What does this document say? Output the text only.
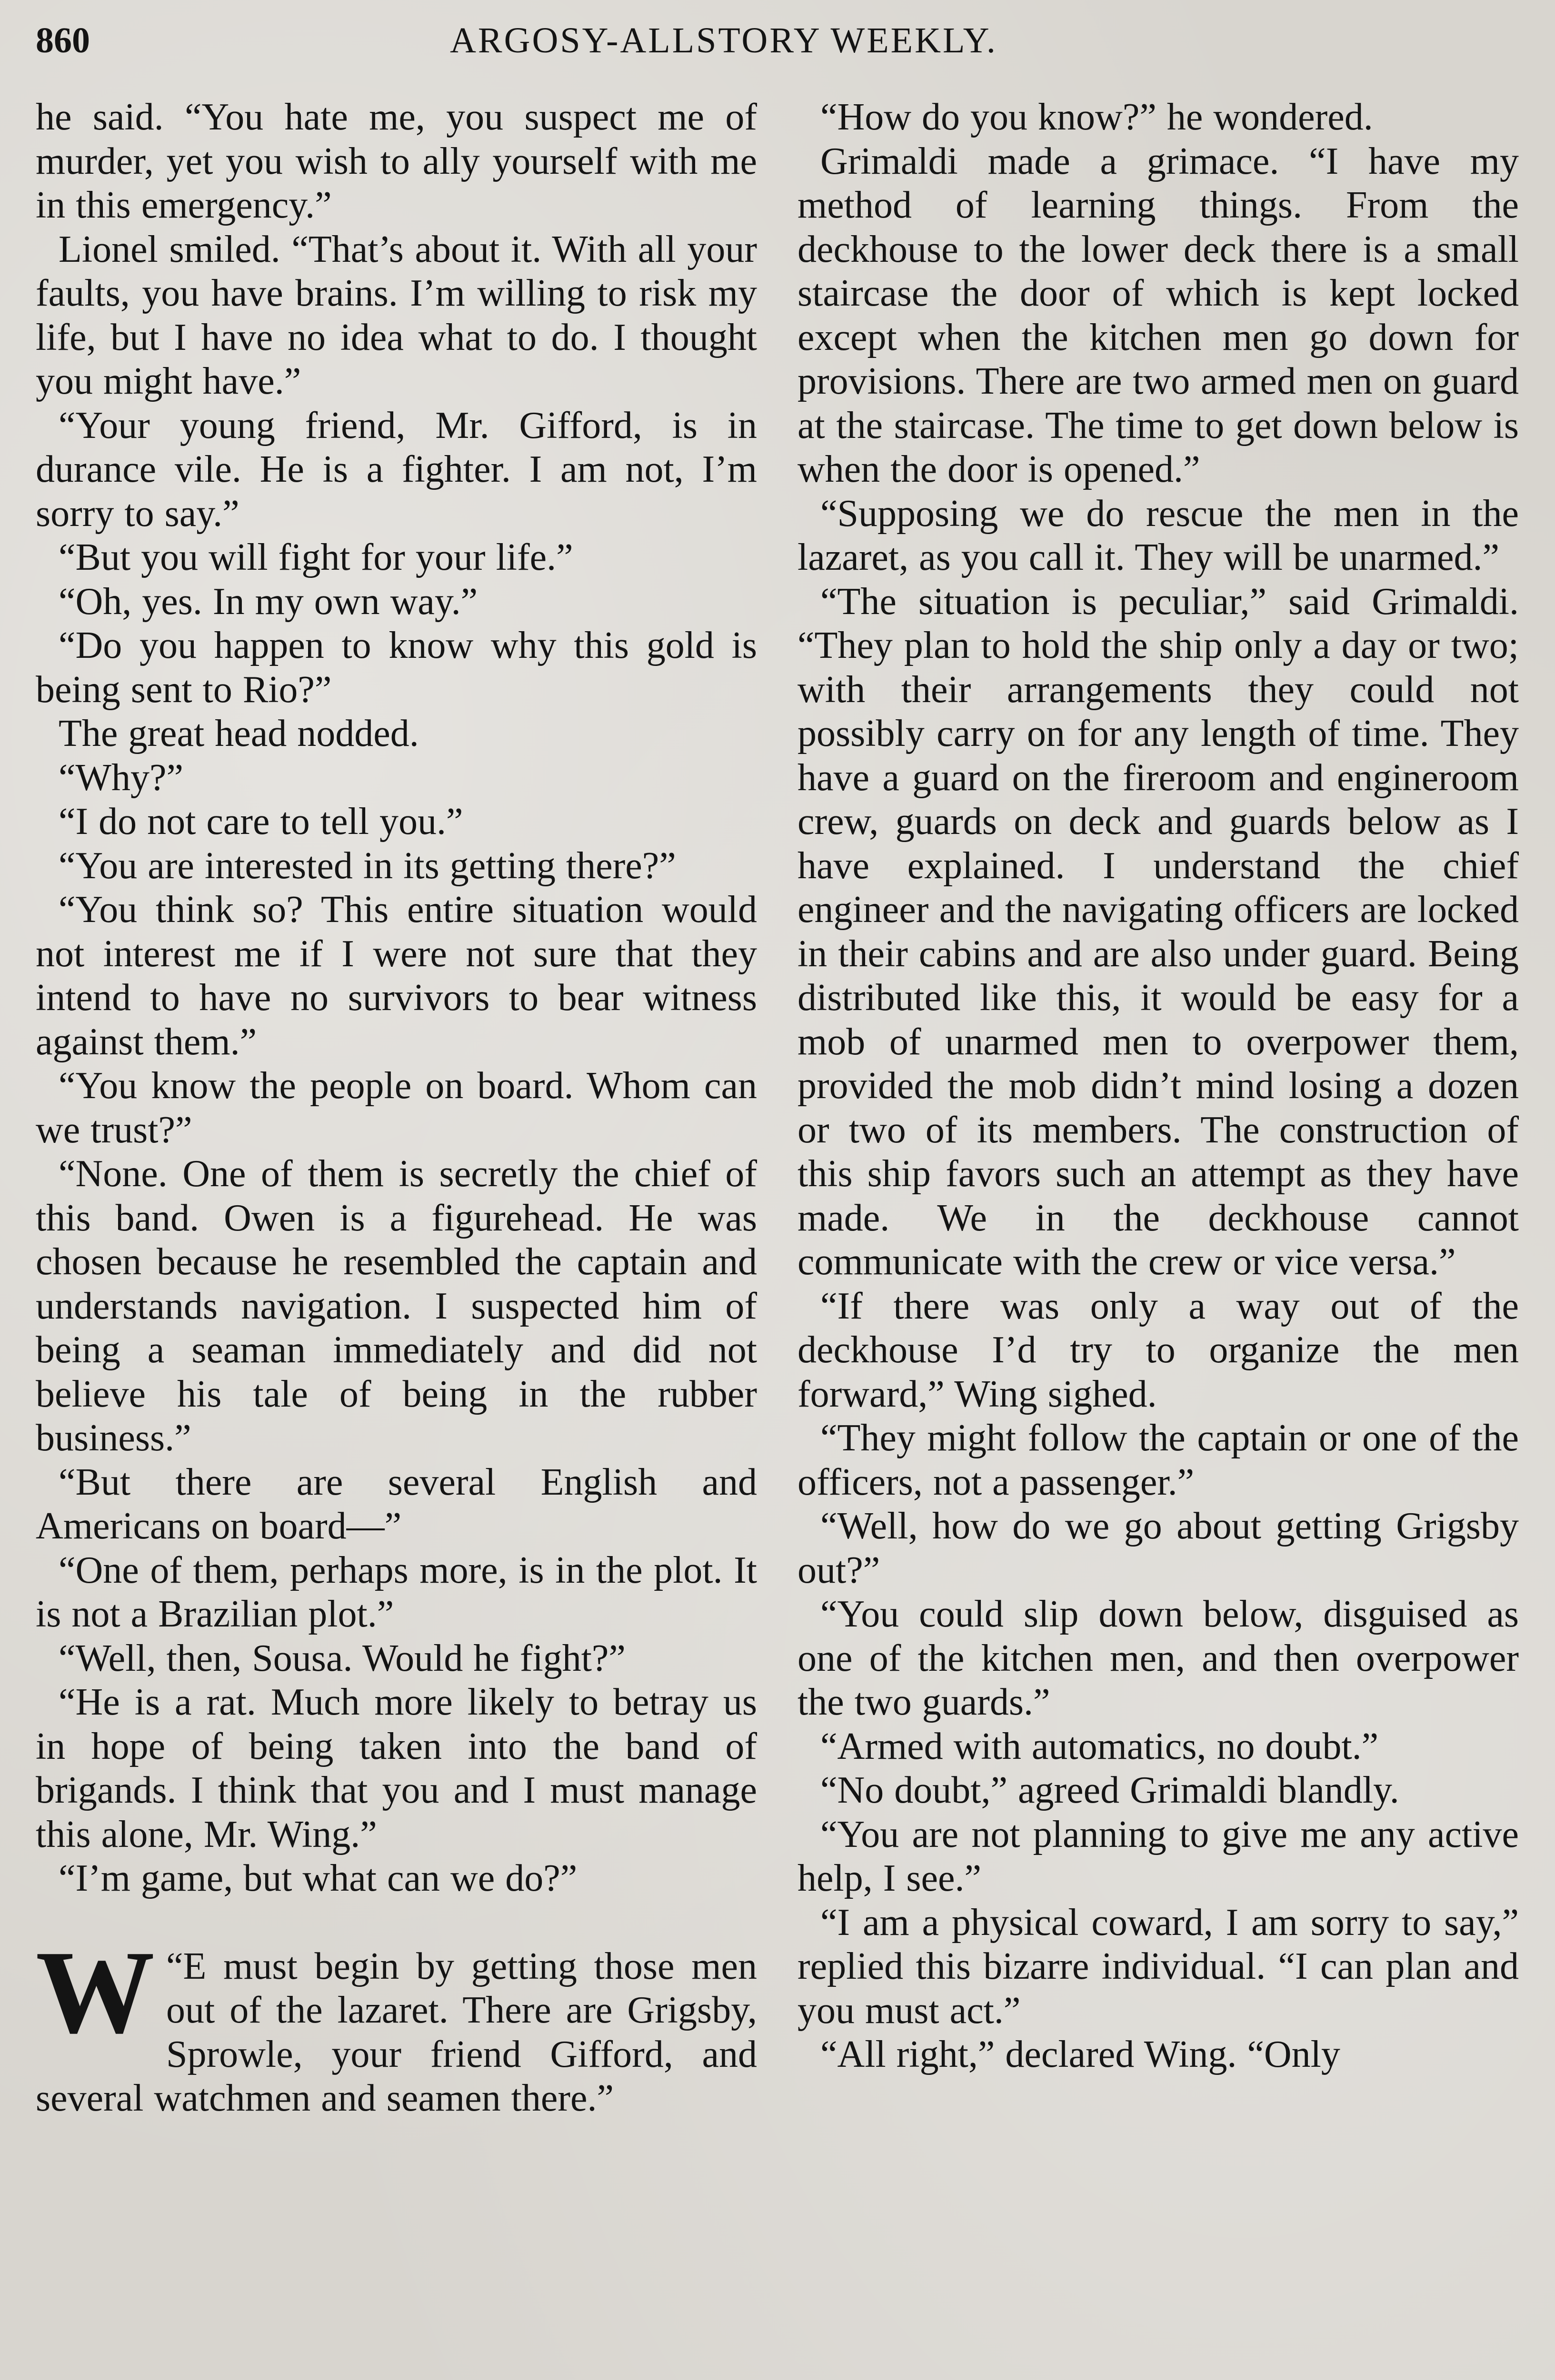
860	ARGOSY-ALLSTORY WEEKLY.

he said. “You hate me, you suspect me of murder, yet you wish to ally yourself with me in this emergency.”

Lionel smiled. “That’s about it. With all your faults, you have brains. I’m willing to risk my life, but I have no idea what to do. I thought you might have.”

“Your young friend, Mr. Gifford, is in durance vile. He is a fighter. I am not, I’m sorry to say.”

“But you will fight for your life.”

“Oh, yes. In my own way.”

“Do you happen to know why this gold is being sent to Rio?”

The great head nodded.

“Why?”

“I do not care to tell you.”

“You are interested in its getting there?”

“You think so? This entire situation would not interest me if I were not sure that they intend to have no survivors to bear witness against them.”

“You know the people on board. Whom can we trust?”

“None. One of them is secretly the chief of this band. Owen is a figurehead. He was chosen because he resembled the captain and understands navigation. I suspected him of being a seaman immediately and did not believe his tale of being in the rubber business.”

“But there are several English and Americans on board—”

“One of them, perhaps more, is in the plot. It is not a Brazilian plot.”

“Well, then, Sousa. Would he fight?”

“He is a rat. Much more likely to betray us in hope of being taken into the band of brigands. I think that you and I must manage this alone, Mr. Wing.”

“I’m game, but what can we do?”

“
W E must begin by getting those men out of the lazaret. There are Grigsby, Sprowle, your friend Gifford, and several watchmen and seamen there.”

“How do you know?” he wondered.

Grimaldi made a grimace. “I have my method of learning things. From the deckhouse to the lower deck there is a small staircase the door of which is kept locked except when the kitchen men go down for provisions. There are two armed men on guard at the staircase. The time to get down below is when the door is opened.”

“Supposing we do rescue the men in the lazaret, as you call it. They will be unarmed.”

“The situation is peculiar,” said Grimaldi. “They plan to hold the ship only a day or two; with their arrangements they could not possibly carry on for any length of time. They have a guard on the fireroom and engineroom crew, guards on deck and guards below as I have explained. I understand the chief engineer and the navigating officers are locked in their cabins and are also under guard. Being distributed like this, it would be easy for a mob of unarmed men to overpower them, provided the mob didn’t mind losing a dozen or two of its members. The construction of this ship favors such an attempt as they have made. We in the deckhouse cannot communicate with the crew or vice versa.”

“If there was only a way out of the deckhouse I’d try to organize the men forward,” Wing sighed.

“They might follow the captain or one of the officers, not a passenger.”

“Well, how do we go about getting Grigsby out?”

“You could slip down below, disguised as one of the kitchen men, and then overpower the two guards.”

“Armed with automatics, no doubt.”

“No doubt,” agreed Grimaldi blandly.

“You are not planning to give me any active help, I see.”

“I am a physical coward, I am sorry to say,” replied this bizarre individual. “I can plan and you must act.”

“All right,” declared Wing. “Only
